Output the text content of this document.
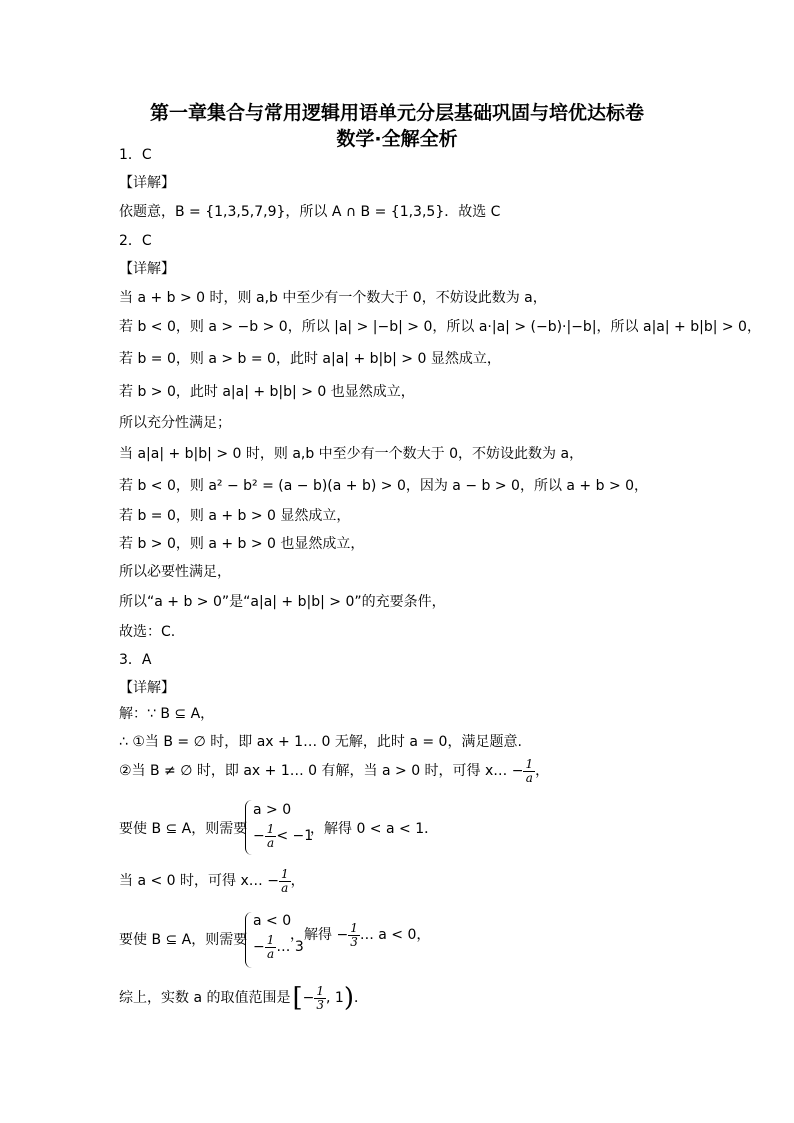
第一章集合与常用逻辑用语单元分层基础巩固与培优达标卷
数学·全解全析
1．C
【详解】
依题意，B = {1,3,5,7,9}，所以 A ∩ B = {1,3,5}．故选 C
2．C
【详解】
当 a + b > 0 时，则 a,b 中至少有一个数大于 0，不妨设此数为 a，
若 b < 0，则 a > −b > 0，所以 |a| > |−b| > 0，所以 a·|a| > (−b)·|−b|，所以 a|a| + b|b| > 0，
若 b = 0，则 a > b = 0，此时 a|a| + b|b| > 0 显然成立，
若 b > 0，此时 a|a| + b|b| > 0 也显然成立，
所以充分性满足；
当 a|a| + b|b| > 0 时，则 a,b 中至少有一个数大于 0，不妨设此数为 a，
若 b < 0，则 a² − b² = (a − b)(a + b) > 0，因为 a − b > 0，所以 a + b > 0，
若 b = 0，则 a + b > 0 显然成立，
若 b > 0，则 a + b > 0 也显然成立，
所以必要性满足，
所以“a + b > 0”是“a|a| + b|b| > 0”的充要条件，
故选：C.
3．A
【详解】
解：∵ B ⊆ A，
∴ ①当 B = ∅ 时，即 ax + 1… 0 无解，此时 a = 0，满足题意.
②当 B ≠ ∅ 时，即 ax + 1… 0 有解，当 a > 0 时，可得 x… − $\frac{1}{a}$ ，
要使 B ⊆ A，则需要
a > 0
− $\frac{1}{a} < -1$
，解得 0 < a < 1．
当 a < 0 时，可得 x… − $\frac{1}{a}$ ，
要使 B ⊆ A，则需要
a < 0
− $\frac{1}{a}$ … 3
，解得 − $\frac{1}{3}$ … a < 0，
综上，实数 a 的取值范围是 [ − $\frac{1}{3}$ , 1 ) ．
